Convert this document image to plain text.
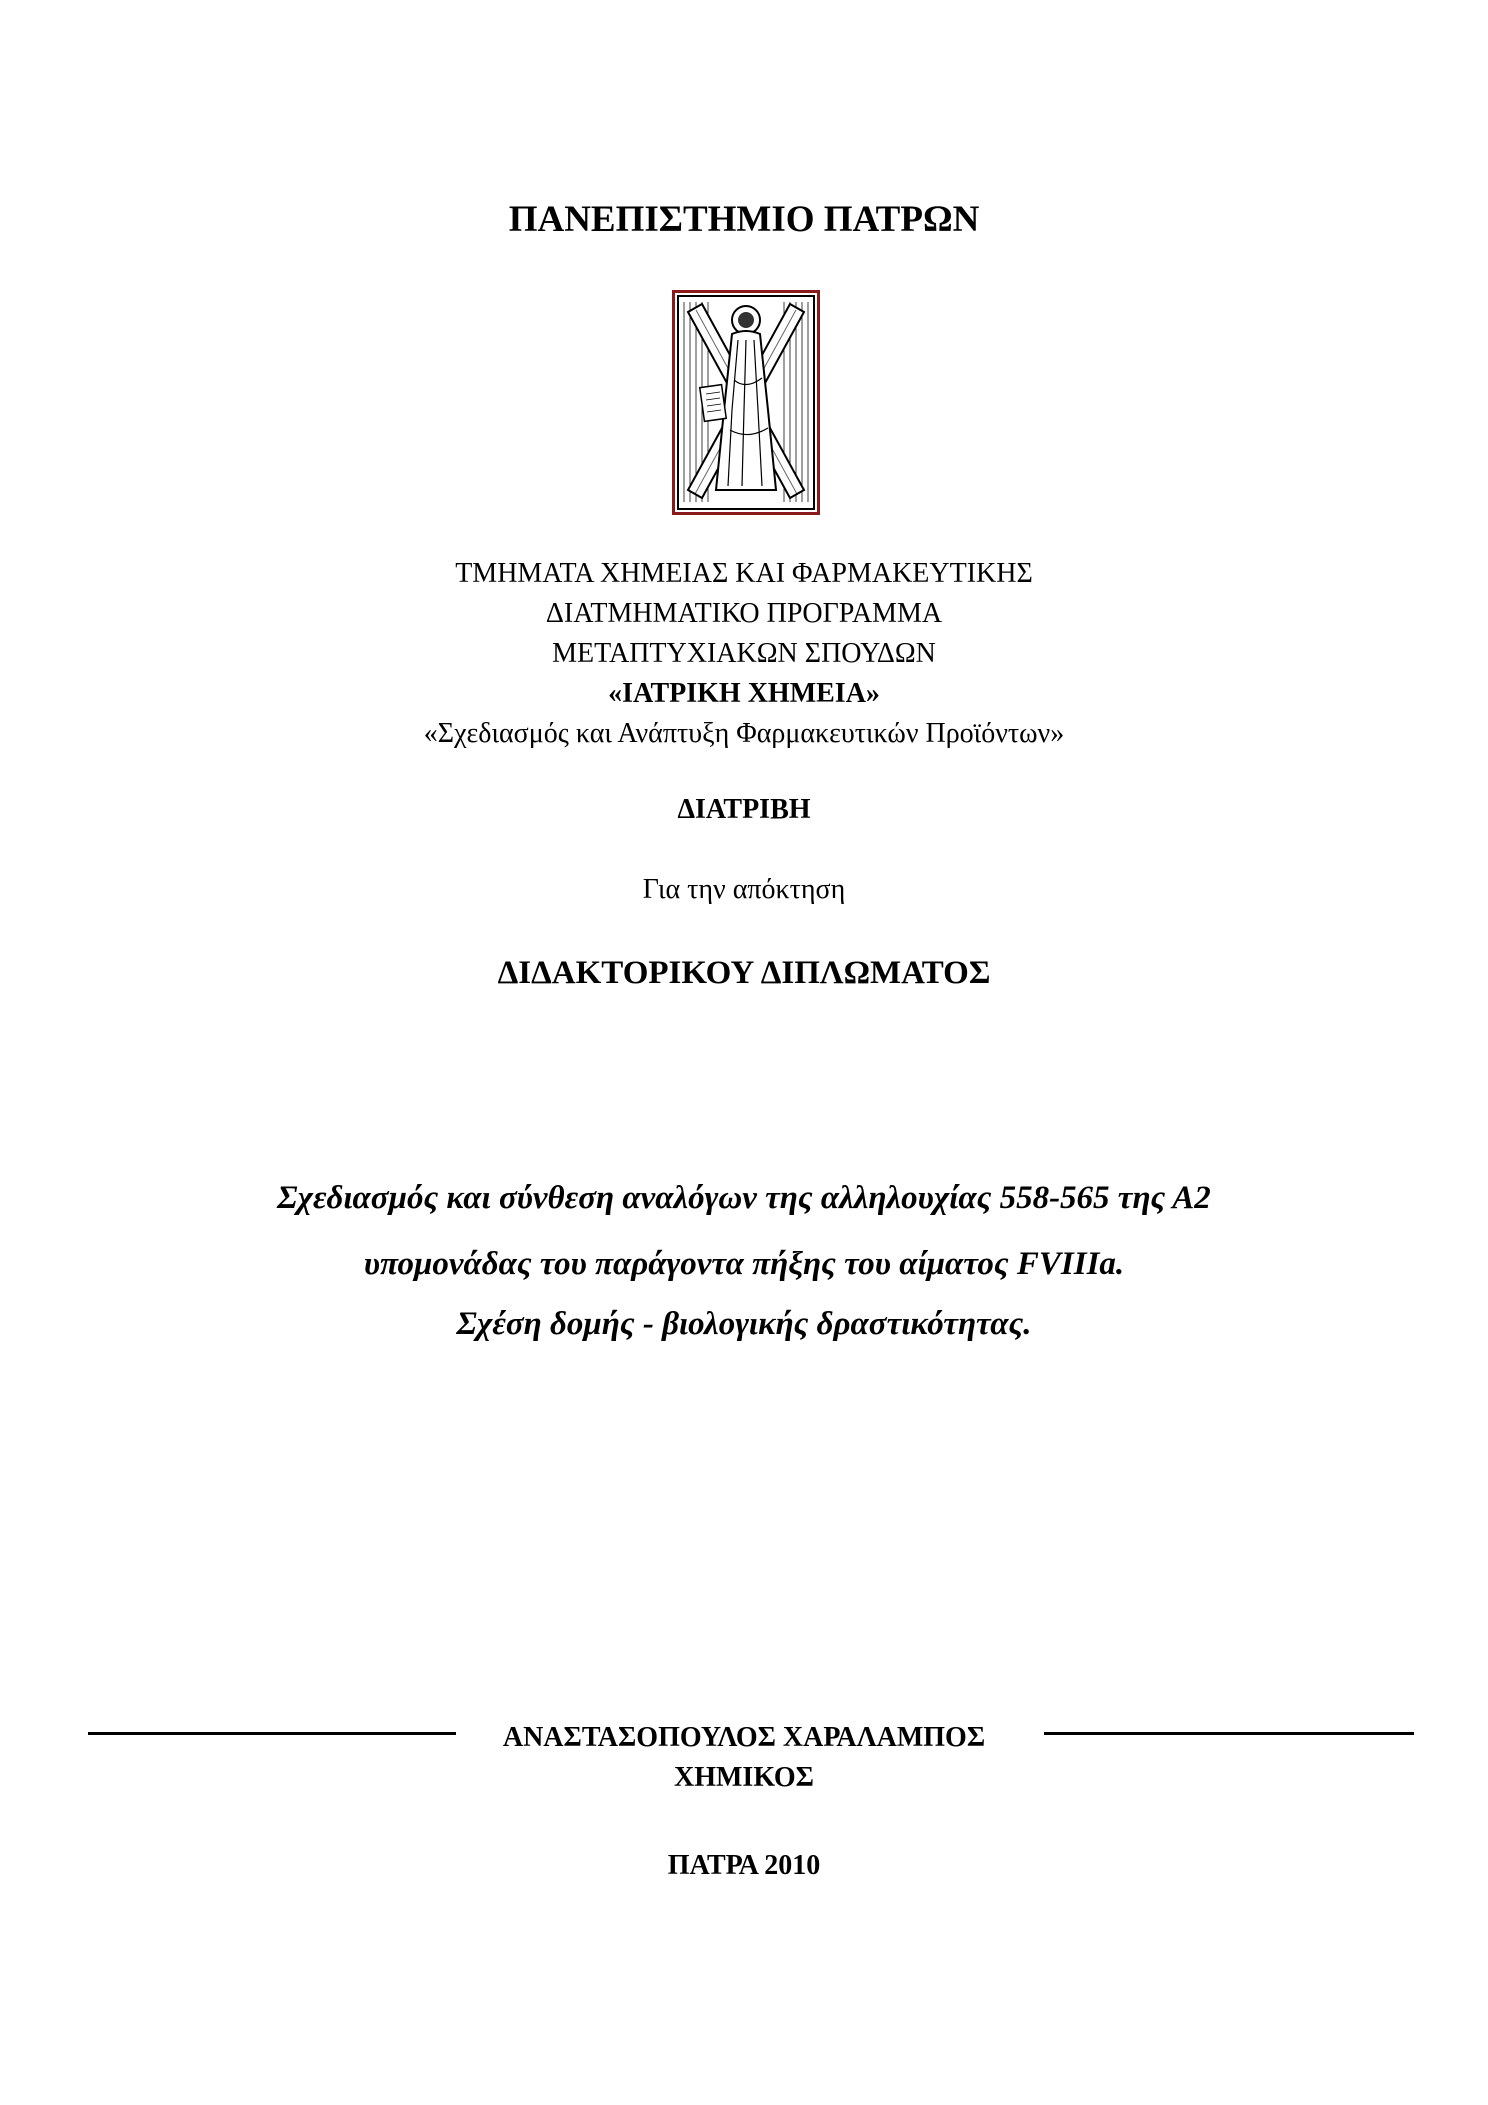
ΠΑΝΕΠΙΣΤΗΜΙΟ ΠΑΤΡΩΝ
ΤΜΗΜΑΤΑ ΧΗΜΕΙΑΣ ΚΑΙ ΦΑΡΜΑΚΕΥΤΙΚΗΣ
ΔΙΑΤΜΗΜΑΤΙΚΟ ΠΡΟΓΡΑΜΜΑ
ΜΕΤΑΠΤΥΧΙΑΚΩΝ ΣΠΟΥΔΩΝ
«ΙΑΤΡΙΚΗ ΧΗΜΕΙΑ»
«Σχεδιασμός και Ανάπτυξη Φαρμακευτικών Προϊόντων»
ΔΙΑΤΡΙΒΗ
Για την απόκτηση
ΔΙΔΑΚΤΟΡΙΚΟΥ ΔΙΠΛΩΜΑΤΟΣ
Σχεδιασμός και σύνθεση αναλόγων της αλληλουχίας 558-565 της Α2
υπομονάδας του παράγοντα πήξης του αίματος FVIIIa.
Σχέση δομής - βιολογικής δραστικότητας.
ΑΝΑΣΤΑΣΟΠΟΥΛΟΣ ΧΑΡΑΛΑΜΠΟΣ
ΧΗΜΙΚΟΣ
ΠΑΤΡΑ 2010
